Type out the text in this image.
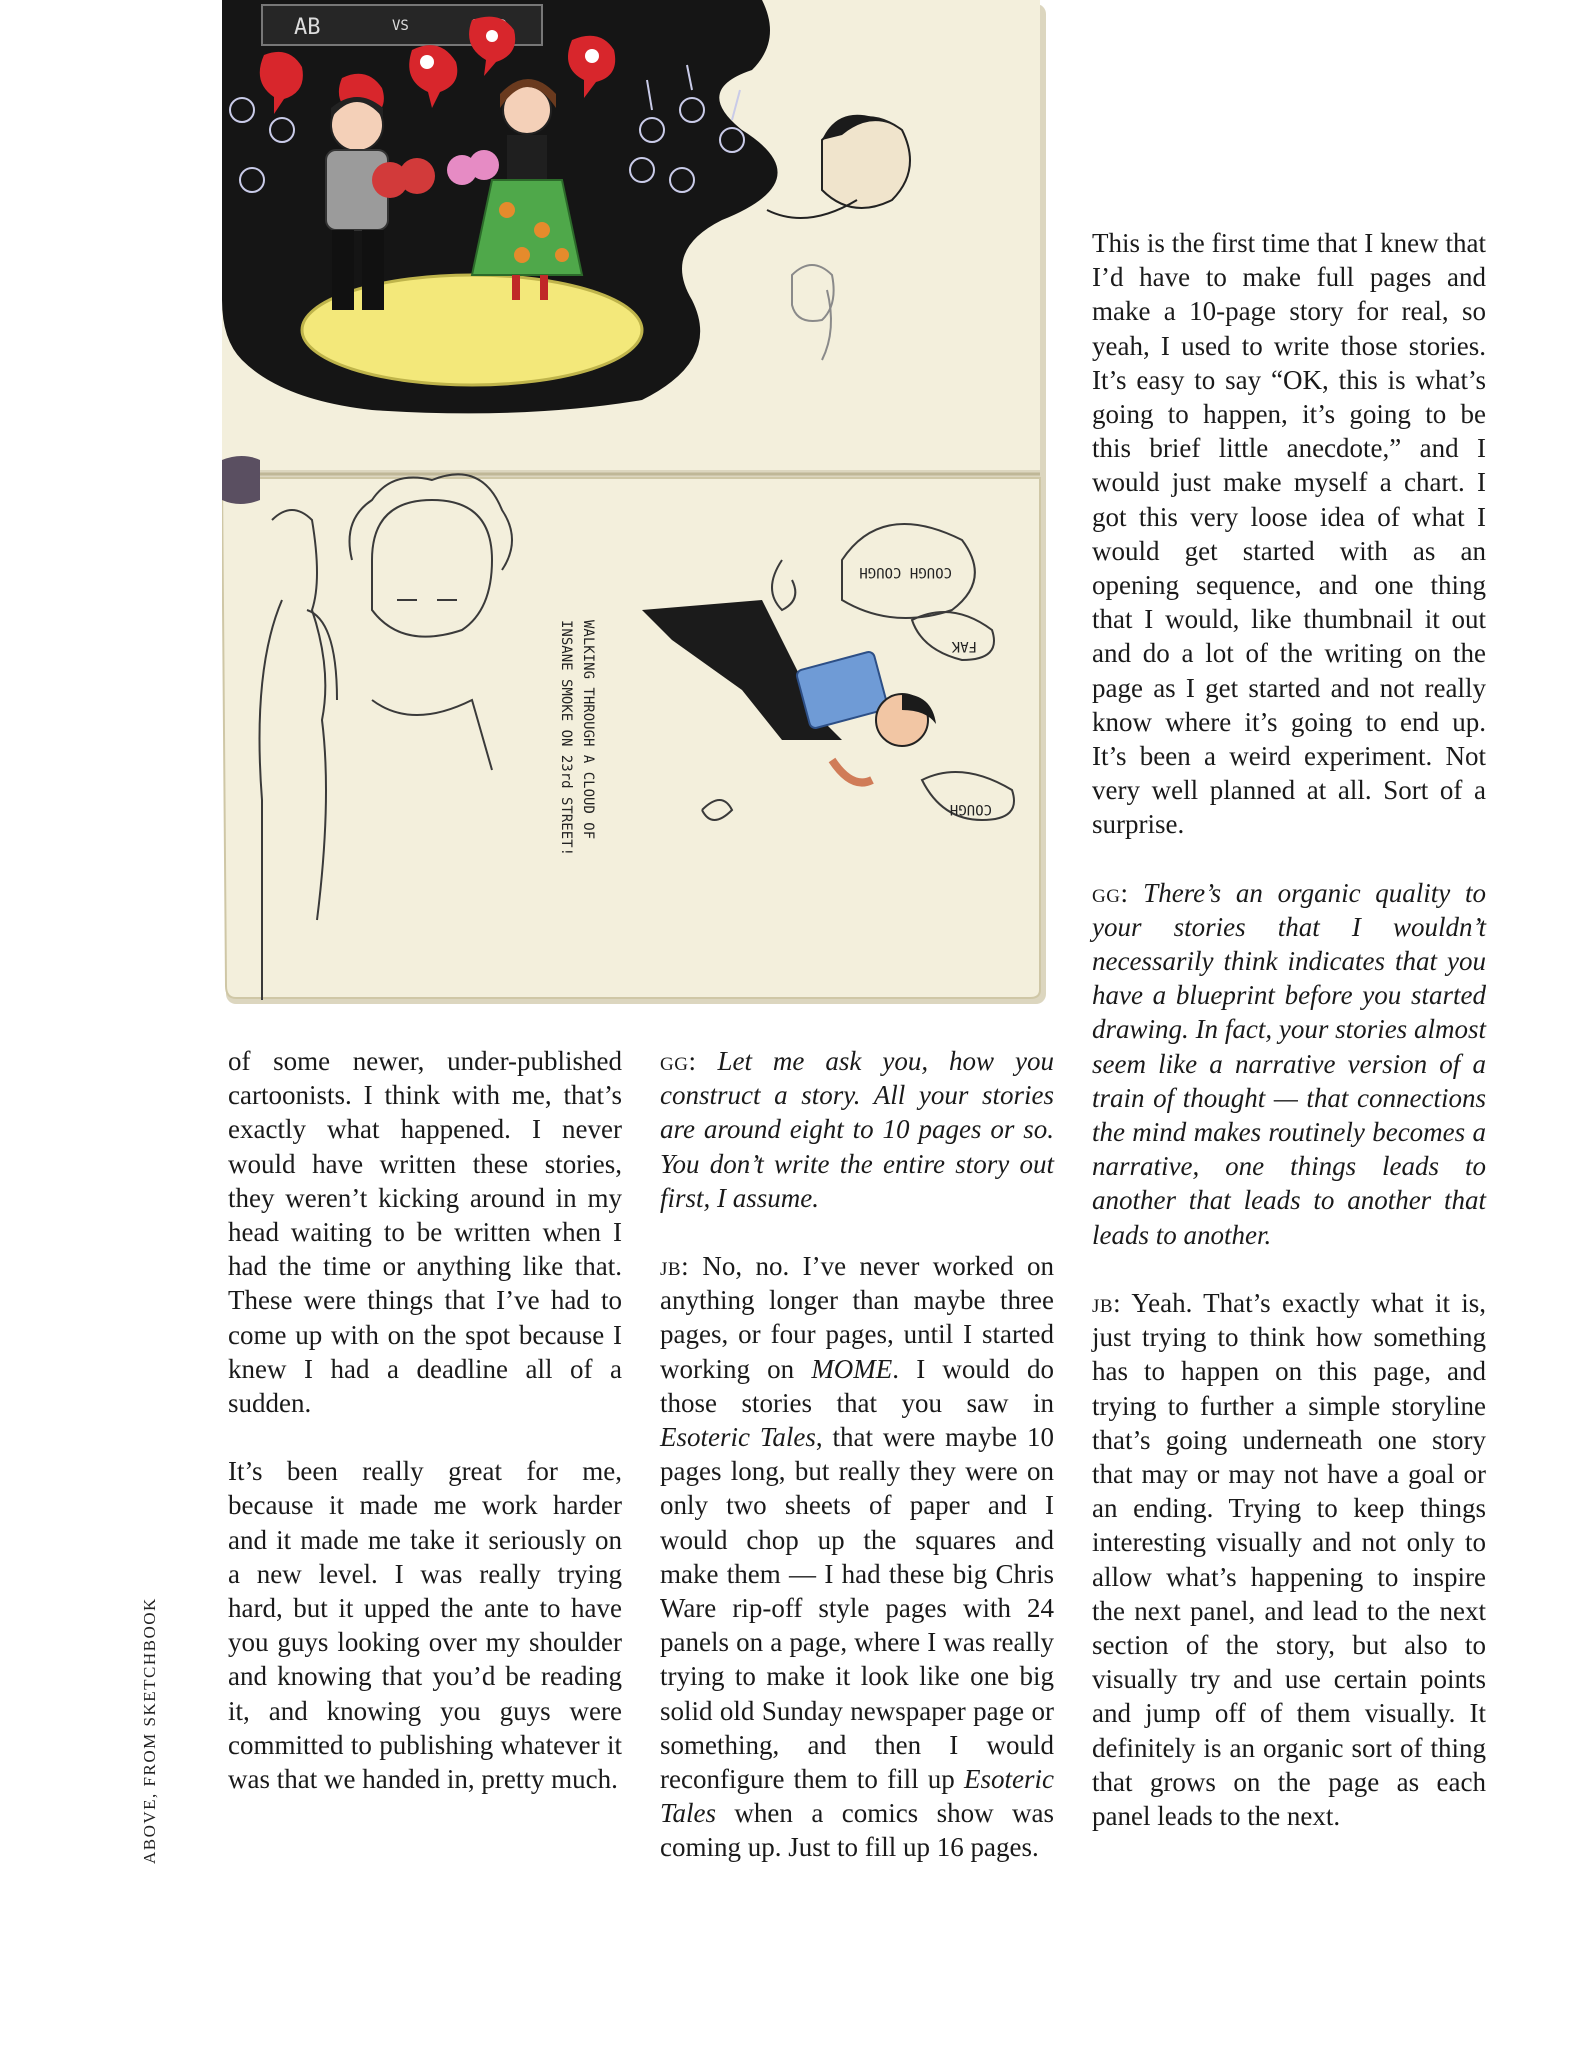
AB	VS
WALKING THROUGH A CLOUD OF
INSANE SMOKE ON 23rd STREET!
COUGH COUGH
FAK
COUGH

This is the first time that I knew that I’d have to make full pages and make a 10-page story for real, so yeah, I used to write those stories. It’s easy to say “OK, this is what’s going to happen, it’s going to be this brief little anecdote,” and I would just make myself a chart. I got this very loose idea of what I would get started with as an opening sequence, and one thing that I would, like thumbnail it out and do a lot of the writing on the page as I get started and not really know where it’s going to end up. It’s been a weird experiment. Not very well planned at all. Sort of a surprise.

gg: There’s an organic quality to your stories that I wouldn’t necessarily think indicates that you have a blueprint before you started drawing. In fact, your stories almost seem like a narrative version of a train of thought — that connections the mind makes routinely becomes a narrative, one things leads to another that leads to another that leads to another.

jb: Yeah. That’s exactly what it is, just trying to think how something has to happen on this page, and trying to further a simple storyline that’s going underneath one story that may or may not have a goal or an ending. Trying to keep things interesting visually and not only to allow what’s happening to inspire the next panel, and lead to the next section of the story, but also to visually try and use certain points and jump off of them visually. It definitely is an organic sort of thing that grows on the page as each panel leads to the next.

of some newer, under-published cartoonists. I think with me, that’s exactly what happened. I never would have written these stories, they weren’t kicking around in my head waiting to be written when I had the time or anything like that. These were things that I’ve had to come up with on the spot because I knew I had a deadline all of a sudden.

It’s been really great for me, because it made me work harder and it made me take it seriously on a new level. I was really trying hard, but it upped the ante to have you guys looking over my shoulder and knowing that you’d be reading it, and knowing you guys were committed to publishing whatever it was that we handed in, pretty much.

gg: Let me ask you, how you construct a story. All your stories are around eight to 10 pages or so. You don’t write the entire story out first, I assume.

jb: No, no. I’ve never worked on anything longer than maybe three pages, or four pages, until I started working on MOME. I would do those stories that you saw in Esoteric Tales, that were maybe 10 pages long, but really they were on only two sheets of paper and I would chop up the squares and make them — I had these big Chris Ware rip-off style pages with 24 panels on a page, where I was really trying to make it look like one big solid old Sunday newspaper page or something, and then I would reconfigure them to fill up Esoteric Tales when a comics show was coming up. Just to fill up 16 pages.

ABOVE, FROM SKETCHBOOK
